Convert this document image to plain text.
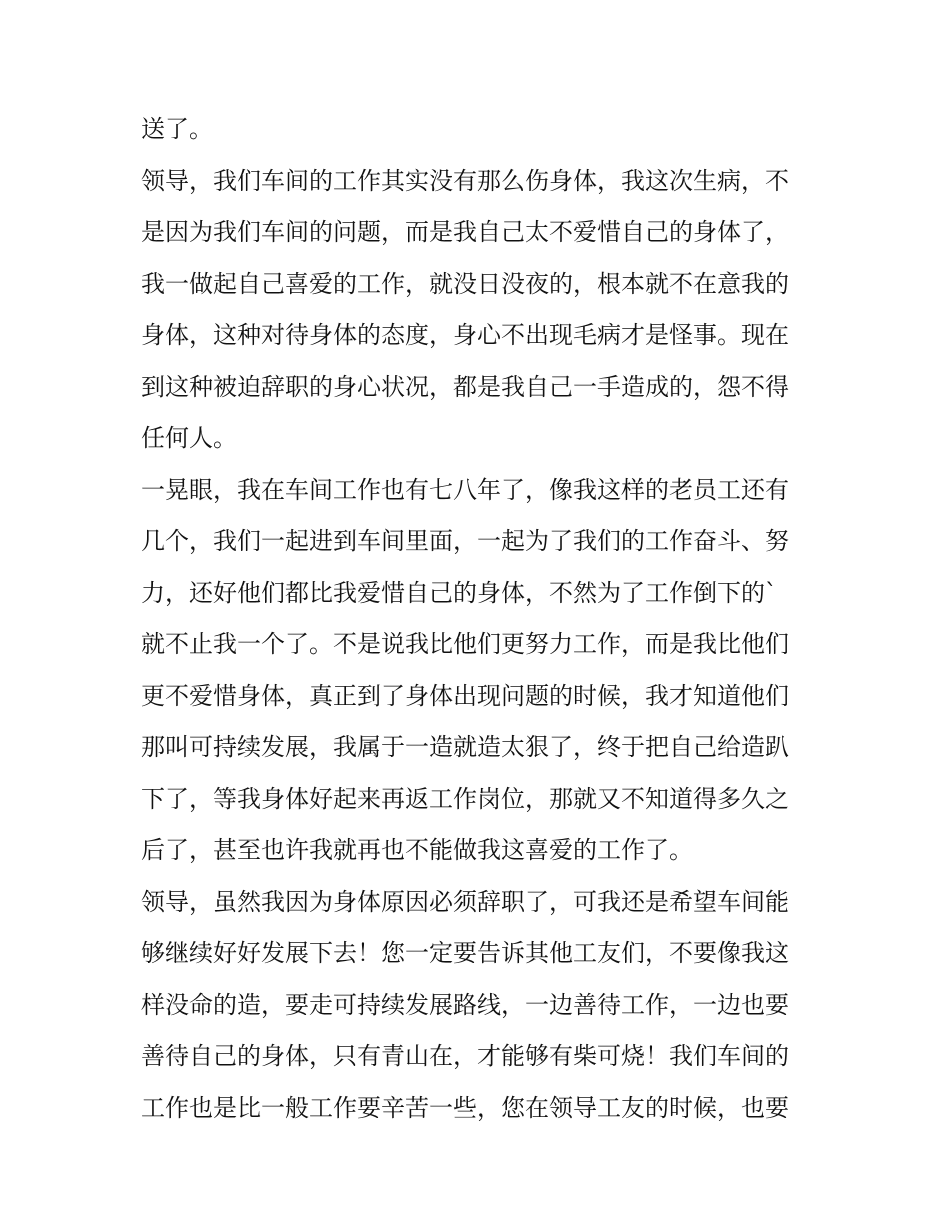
送了。
领导，我们车间的工作其实没有那么伤身体，我这次生病，不
是因为我们车间的问题，而是我自己太不爱惜自己的身体了，
我一做起自己喜爱的工作，就没日没夜的，根本就不在意我的
身体，这种对待身体的态度，身心不出现毛病才是怪事。现在
到这种被迫辞职的身心状况，都是我自己一手造成的，怨不得
任何人。
一晃眼，我在车间工作也有七八年了，像我这样的老员工还有
几个，我们一起进到车间里面，一起为了我们的工作奋斗、努
力，还好他们都比我爱惜自己的身体，不然为了工作倒下的`
就不止我一个了。不是说我比他们更努力工作，而是我比他们
更不爱惜身体，真正到了身体出现问题的时候，我才知道他们
那叫可持续发展，我属于一造就造太狠了，终于把自己给造趴
下了，等我身体好起来再返工作岗位，那就又不知道得多久之
后了，甚至也许我就再也不能做我这喜爱的工作了。
领导，虽然我因为身体原因必须辞职了，可我还是希望车间能
够继续好好发展下去！您一定要告诉其他工友们，不要像我这
样没命的造，要走可持续发展路线，一边善待工作，一边也要
善待自己的身体，只有青山在，才能够有柴可烧！我们车间的
工作也是比一般工作要辛苦一些，您在领导工友的时候，也要
